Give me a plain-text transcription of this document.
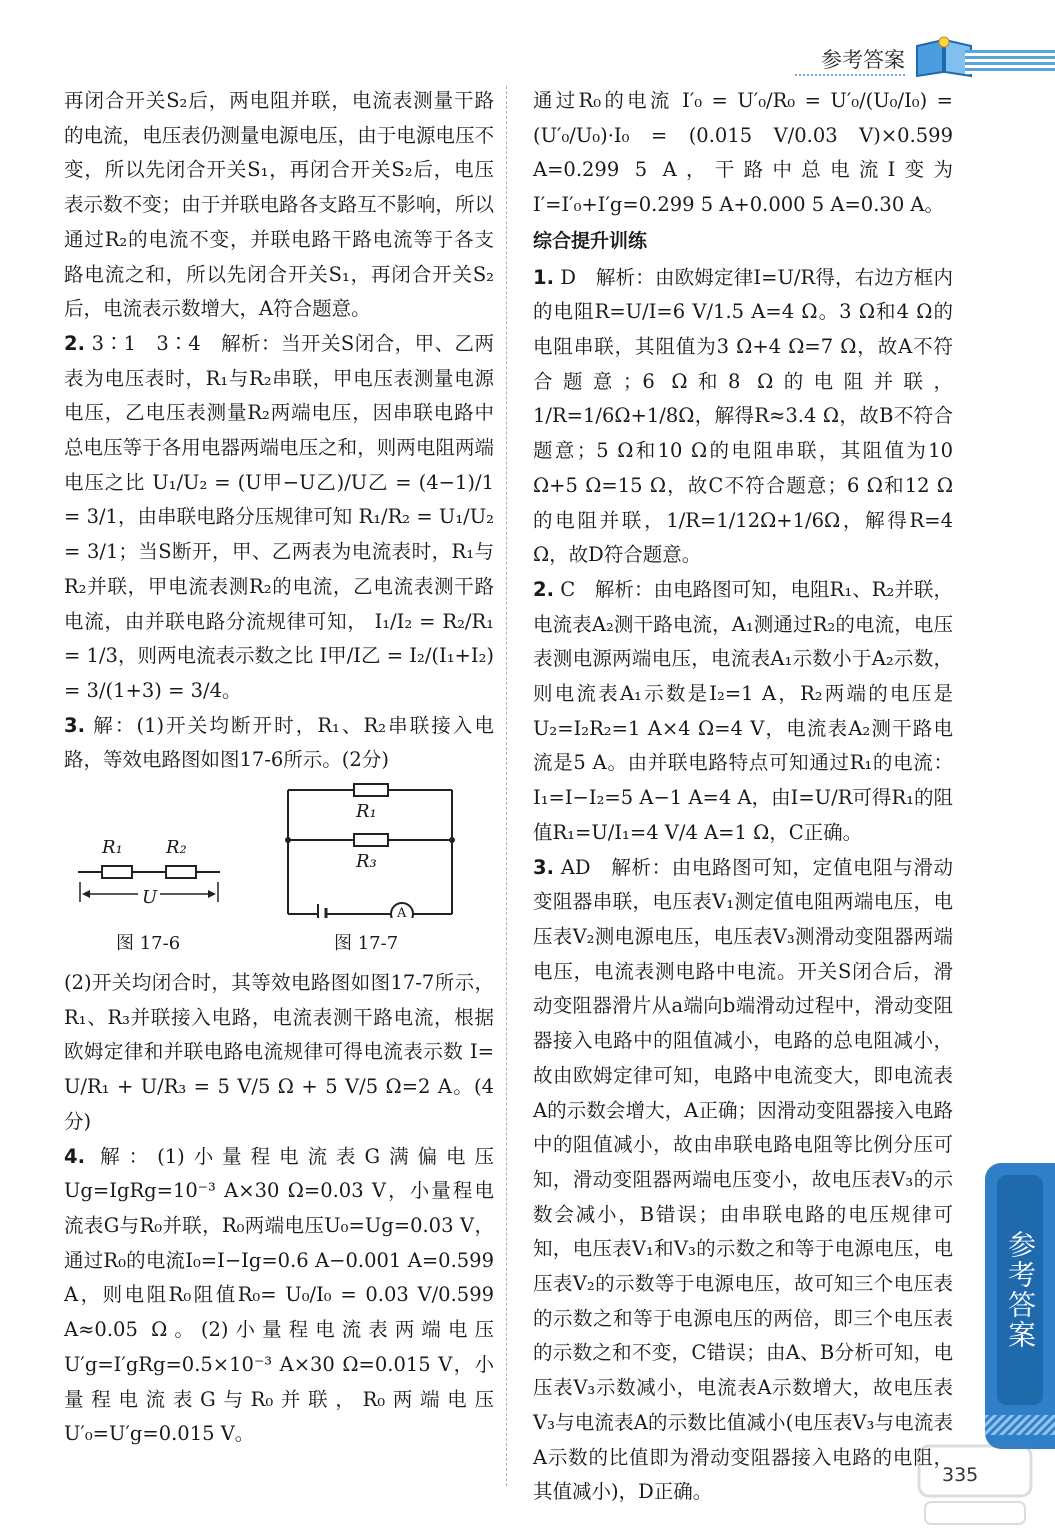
参考答案

再闭合开关S₂后，两电阻并联，电流表测量干路的电流，电压表仍测量电源电压，由于电源电压不变，所以先闭合开关S₁，再闭合开关S₂后，电压表示数不变；由于并联电路各支路互不影响，所以通过R₂的电流不变，并联电路干路电流等于各支路电流之和，所以先闭合开关S₁，再闭合开关S₂后，电流表示数增大，A符合题意。

2. 3∶1　3∶4　解析：当开关S闭合，甲、乙两表为电压表时，R₁与R₂串联，甲电压表测量电源电压，乙电压表测量R₂两端电压，因串联电路中总电压等于各用电器两端电压之和，则两电阻两端电压之比 U₁/U₂ = (U甲−U乙)/U乙 = (4−1)/1 = 3/1，由串联电路分压规律可知 R₁/R₂ = U₁/U₂ = 3/1；当S断开，甲、乙两表为电流表时，R₁与R₂并联，甲电流表测R₂的电流，乙电流表测干路电流，由并联电路分流规律可知， I₁/I₂ = R₂/R₁ = 1/3，则两电流表示数之比 I甲/I乙 = I₂/(I₁+I₂) = 3/(1+3) = 3/4。

3. 解：(1)开关均断开时，R₁、R₂串联接入电路，等效电路图如图17-6所示。(2分)

R₁ R₂
U
图 17-6
R₁
R₃
A
图 17-7

(2)开关均闭合时，其等效电路图如图17-7所示，R₁、R₃并联接入电路，电流表测干路电流，根据欧姆定律和并联电路电流规律可得电流表示数 I= U/R₁ + U/R₃ = 5 V/5 Ω + 5 V/5 Ω=2 A。(4分)

4. 解：(1)小量程电流表G满偏电压 Ug=IgRg=10⁻³ A×30 Ω=0.03 V，小量程电流表G与R₀并联，R₀两端电压U₀=Ug=0.03 V，通过R₀的电流I₀=I−Ig=0.6 A−0.001 A=0.599 A，则电阻R₀阻值R₀= U₀/I₀ = 0.03 V/0.599 A≈0.05 Ω。(2)小量程电流表两端电压U′g=I′gRg=0.5×10⁻³ A×30 Ω=0.015 V，小量程电流表G与R₀并联，R₀两端电压U′₀=U′g=0.015 V。

通过R₀的电流 I′₀ = U′₀/R₀ = U′₀/(U₀/I₀) = (U′₀/U₀)·I₀ = (0.015 V/0.03 V)×0.599 A=0.299 5 A，干路中总电流I变为I′=I′₀+I′g=0.299 5 A+0.000 5 A=0.30 A。

综合提升训练

1. D　解析：由欧姆定律I=U/R得，右边方框内的电阻R=U/I=6 V/1.5 A=4 Ω。3 Ω和4 Ω的电阻串联，其阻值为3 Ω+4 Ω=7 Ω，故A不符合题意；6 Ω和8 Ω的电阻并联，1/R=1/6Ω+1/8Ω，解得R≈3.4 Ω，故B不符合题意；5 Ω和10 Ω的电阻串联，其阻值为10 Ω+5 Ω=15 Ω，故C不符合题意；6 Ω和12 Ω的电阻并联，1/R=1/12Ω+1/6Ω，解得R=4 Ω，故D符合题意。

2. C　解析：由电路图可知，电阻R₁、R₂并联，电流表A₂测干路电流，A₁测通过R₂的电流，电压表测电源两端电压，电流表A₁示数小于A₂示数，则电流表A₁示数是I₂=1 A，R₂两端的电压是U₂=I₂R₂=1 A×4 Ω=4 V，电流表A₂测干路电流是5 A。由并联电路特点可知通过R₁的电流：I₁=I−I₂=5 A−1 A=4 A，由I=U/R可得R₁的阻值R₁=U/I₁=4 V/4 A=1 Ω，C正确。

3. AD　解析：由电路图可知，定值电阻与滑动变阻器串联，电压表V₁测定值电阻两端电压，电压表V₂测电源电压，电压表V₃测滑动变阻器两端电压，电流表测电路中电流。开关S闭合后，滑动变阻器滑片从a端向b端滑动过程中，滑动变阻器接入电路中的阻值减小，电路的总电阻减小，故由欧姆定律可知，电路中电流变大，即电流表A的示数会增大，A正确；因滑动变阻器接入电路中的阻值减小，故由串联电路电阻等比例分压可知，滑动变阻器两端电压变小，故电压表V₃的示数会减小，B错误；由串联电路的电压规律可知，电压表V₁和V₃的示数之和等于电源电压，电压表V₂的示数等于电源电压，故可知三个电压表的示数之和等于电源电压的两倍，即三个电压表的示数之和不变，C错误；由A、B分析可知，电压表V₃示数减小，电流表A示数增大，故电压表V₃与电流表A的示数比值减小(电压表V₃与电流表A示数的比值即为滑动变阻器接入电路的电阻，其值减小)，D正确。

参考答案
335
